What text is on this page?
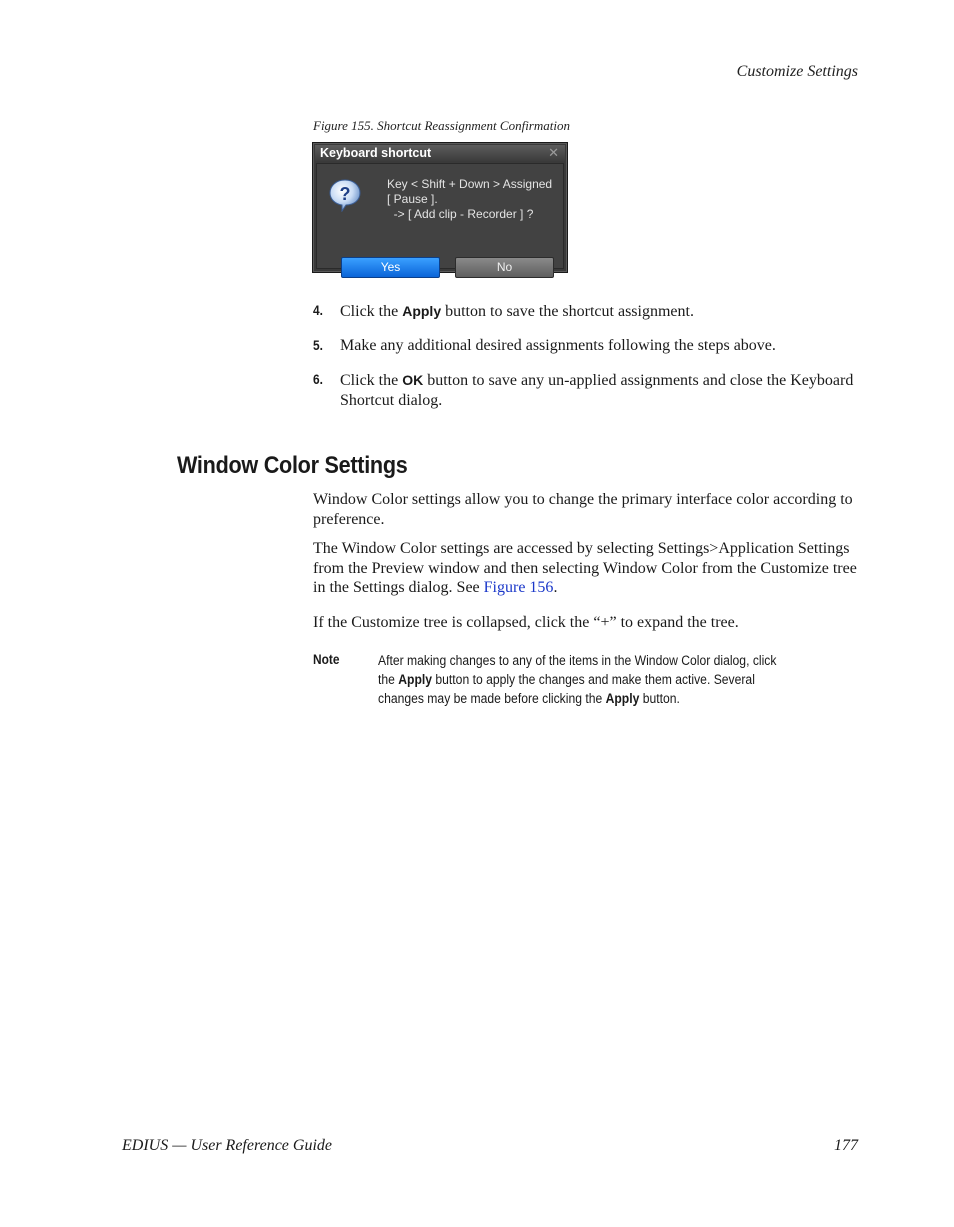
Customize Settings
Figure 155. Shortcut Reassignment Confirmation
Keyboard shortcut	✕
?	Key < Shift + Down > Assigned
[ Pause ].
-> [ Add clip - Recorder ] ?
Yes	No
4. Click the Apply button to save the shortcut assignment.
5. Make any additional desired assignments following the steps above.
6. Click the OK button to save any un-applied assignments and close the Keyboard Shortcut dialog.
Window Color Settings
Window Color settings allow you to change the primary interface color according to preference.
The Window Color settings are accessed by selecting Settings>Application Settings from the Preview window and then selecting Window Color from the Customize tree in the Settings dialog. See Figure 156.
If the Customize tree is collapsed, click the “+” to expand the tree.
Note	After making changes to any of the items in the Window Color dialog, click
the Apply button to apply the changes and make them active. Several
changes may be made before clicking the Apply button.
EDIUS — User Reference Guide	177
